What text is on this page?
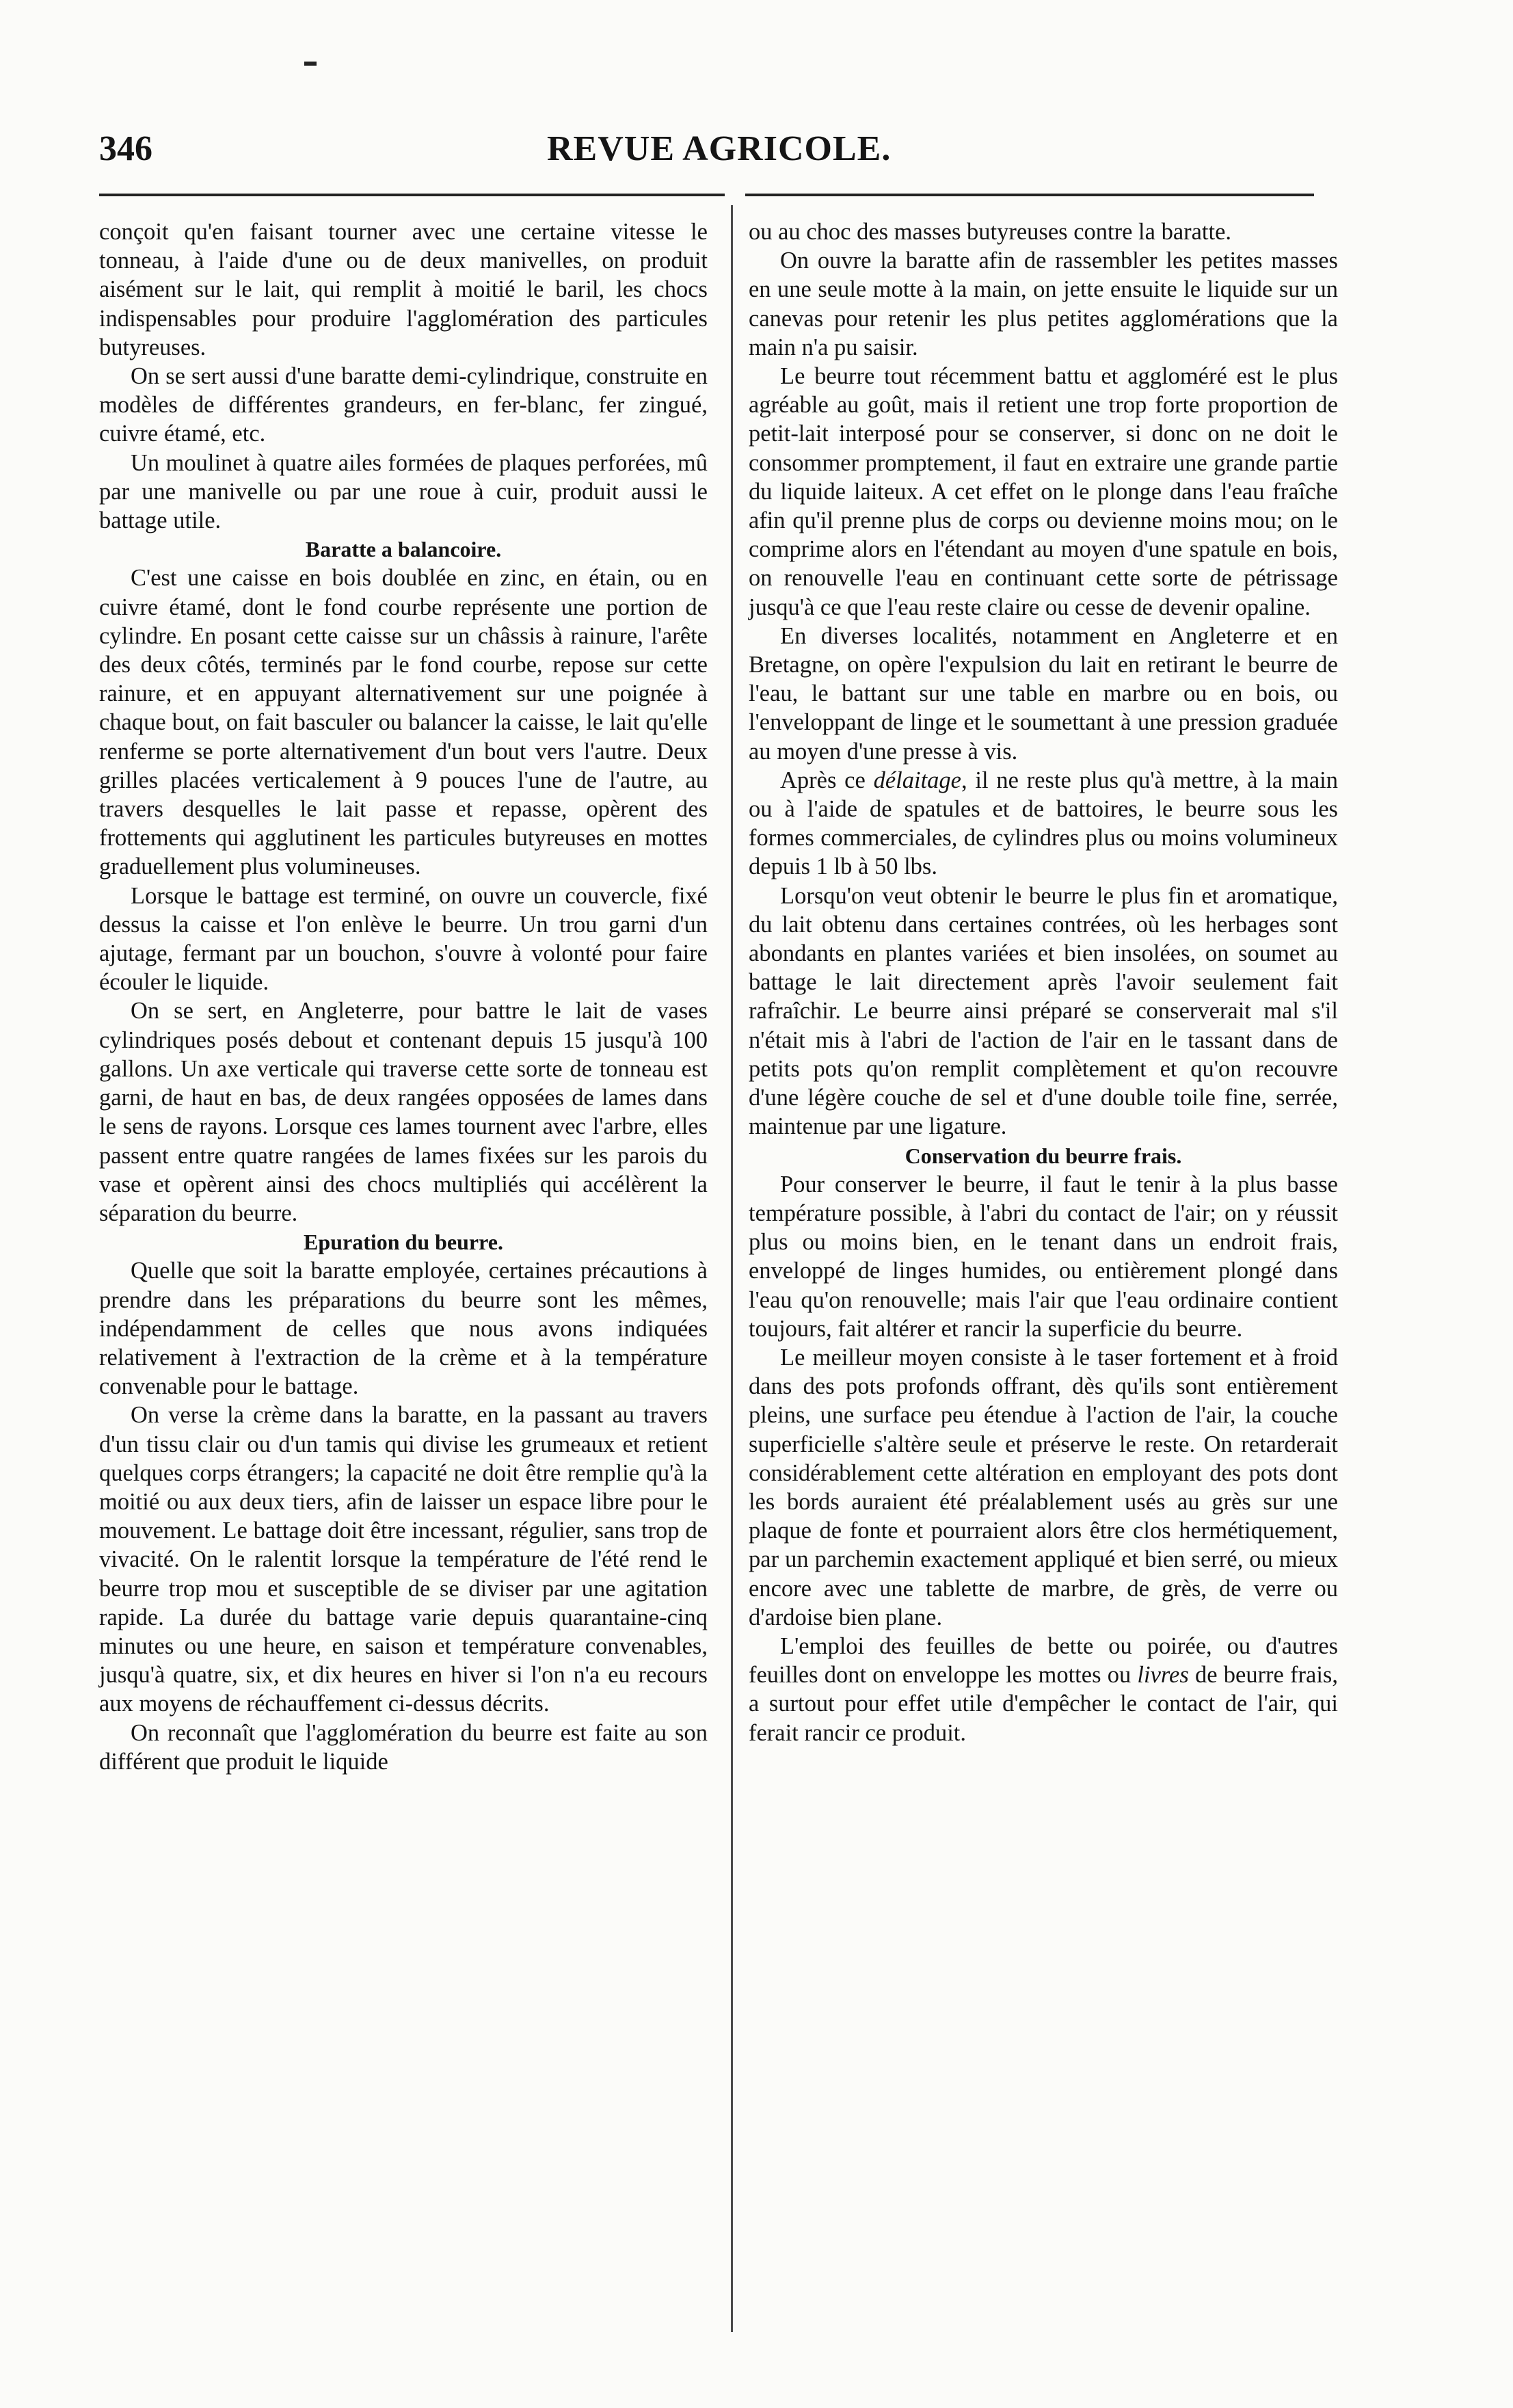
346	REVUE AGRICOLE.

conçoit qu'en faisant tourner avec une certaine vitesse le tonneau, à l'aide d'une ou de deux manivelles, on produit aisément sur le lait, qui remplit à moitié le baril, les chocs indispensables pour produire l'agglomération des particules butyreuses.

On se sert aussi d'une baratte demi-cylindrique, construite en modèles de différentes grandeurs, en fer-blanc, fer zingué, cuivre étamé, etc.

Un moulinet à quatre ailes formées de plaques perforées, mû par une manivelle ou par une roue à cuir, produit aussi le battage utile.

Baratte a balancoire.

C'est une caisse en bois doublée en zinc, en étain, ou en cuivre étamé, dont le fond courbe représente une portion de cylindre. En posant cette caisse sur un châssis à rainure, l'arête des deux côtés, terminés par le fond courbe, repose sur cette rainure, et en appuyant alternativement sur une poignée à chaque bout, on fait basculer ou balancer la caisse, le lait qu'elle renferme se porte alternativement d'un bout vers l'autre. Deux grilles placées verticalement à 9 pouces l'une de l'autre, au travers desquelles le lait passe et repasse, opèrent des frottements qui agglutinent les particules butyreuses en mottes graduellement plus volumineuses.

Lorsque le battage est terminé, on ouvre un couvercle, fixé dessus la caisse et l'on enlève le beurre. Un trou garni d'un ajutage, fermant par un bouchon, s'ouvre à volonté pour faire écouler le liquide.

On se sert, en Angleterre, pour battre le lait de vases cylindriques posés debout et contenant depuis 15 jusqu'à 100 gallons. Un axe verticale qui traverse cette sorte de tonneau est garni, de haut en bas, de deux rangées opposées de lames dans le sens de rayons. Lorsque ces lames tournent avec l'arbre, elles passent entre quatre rangées de lames fixées sur les parois du vase et opèrent ainsi des chocs multipliés qui accélèrent la séparation du beurre.

Epuration du beurre.

Quelle que soit la baratte employée, certaines précautions à prendre dans les préparations du beurre sont les mêmes, indépendamment de celles que nous avons indiquées relativement à l'extraction de la crème et à la température convenable pour le battage.

On verse la crème dans la baratte, en la passant au travers d'un tissu clair ou d'un tamis qui divise les grumeaux et retient quelques corps étrangers; la capacité ne doit être remplie qu'à la moitié ou aux deux tiers, afin de laisser un espace libre pour le mouvement. Le battage doit être incessant, régulier, sans trop de vivacité. On le ralentit lorsque la température de l'été rend le beurre trop mou et susceptible de se diviser par une agitation rapide. La durée du battage varie depuis quarantaine-cinq minutes ou une heure, en saison et température convenables, jusqu'à quatre, six, et dix heures en hiver si l'on n'a eu recours aux moyens de réchauffement ci-dessus décrits.

On reconnaît que l'agglomération du beurre est faite au son différent que produit le liquide

ou au choc des masses butyreuses contre la baratte.

On ouvre la baratte afin de rassembler les petites masses en une seule motte à la main, on jette ensuite le liquide sur un canevas pour retenir les plus petites agglomérations que la main n'a pu saisir.

Le beurre tout récemment battu et aggloméré est le plus agréable au goût, mais il retient une trop forte proportion de petit-lait interposé pour se conserver, si donc on ne doit le consommer promptement, il faut en extraire une grande partie du liquide laiteux. A cet effet on le plonge dans l'eau fraîche afin qu'il prenne plus de corps ou devienne moins mou; on le comprime alors en l'étendant au moyen d'une spatule en bois, on renouvelle l'eau en continuant cette sorte de pétrissage jusqu'à ce que l'eau reste claire ou cesse de devenir opaline.

En diverses localités, notamment en Angleterre et en Bretagne, on opère l'expulsion du lait en retirant le beurre de l'eau, le battant sur une table en marbre ou en bois, ou l'enveloppant de linge et le soumettant à une pression graduée au moyen d'une presse à vis.

Après ce délaitage, il ne reste plus qu'à mettre, à la main ou à l'aide de spatules et de battoires, le beurre sous les formes commerciales, de cylindres plus ou moins volumineux depuis 1 lb à 50 lbs.

Lorsqu'on veut obtenir le beurre le plus fin et aromatique, du lait obtenu dans certaines contrées, où les herbages sont abondants en plantes variées et bien insolées, on soumet au battage le lait directement après l'avoir seulement fait rafraîchir. Le beurre ainsi préparé se conserverait mal s'il n'était mis à l'abri de l'action de l'air en le tassant dans de petits pots qu'on remplit complètement et qu'on recouvre d'une légère couche de sel et d'une double toile fine, serrée, maintenue par une ligature.

Conservation du beurre frais.

Pour conserver le beurre, il faut le tenir à la plus basse température possible, à l'abri du contact de l'air; on y réussit plus ou moins bien, en le tenant dans un endroit frais, enveloppé de linges humides, ou entièrement plongé dans l'eau qu'on renouvelle; mais l'air que l'eau ordinaire contient toujours, fait altérer et rancir la superficie du beurre.

Le meilleur moyen consiste à le taser fortement et à froid dans des pots profonds offrant, dès qu'ils sont entièrement pleins, une surface peu étendue à l'action de l'air, la couche superficielle s'altère seule et préserve le reste. On retarderait considérablement cette altération en employant des pots dont les bords auraient été préalablement usés au grès sur une plaque de fonte et pourraient alors être clos hermétiquement, par un parchemin exactement appliqué et bien serré, ou mieux encore avec une tablette de marbre, de grès, de verre ou d'ardoise bien plane.

L'emploi des feuilles de bette ou poirée, ou d'autres feuilles dont on enveloppe les mottes ou livres de beurre frais, a surtout pour effet utile d'empêcher le contact de l'air, qui ferait rancir ce produit.
